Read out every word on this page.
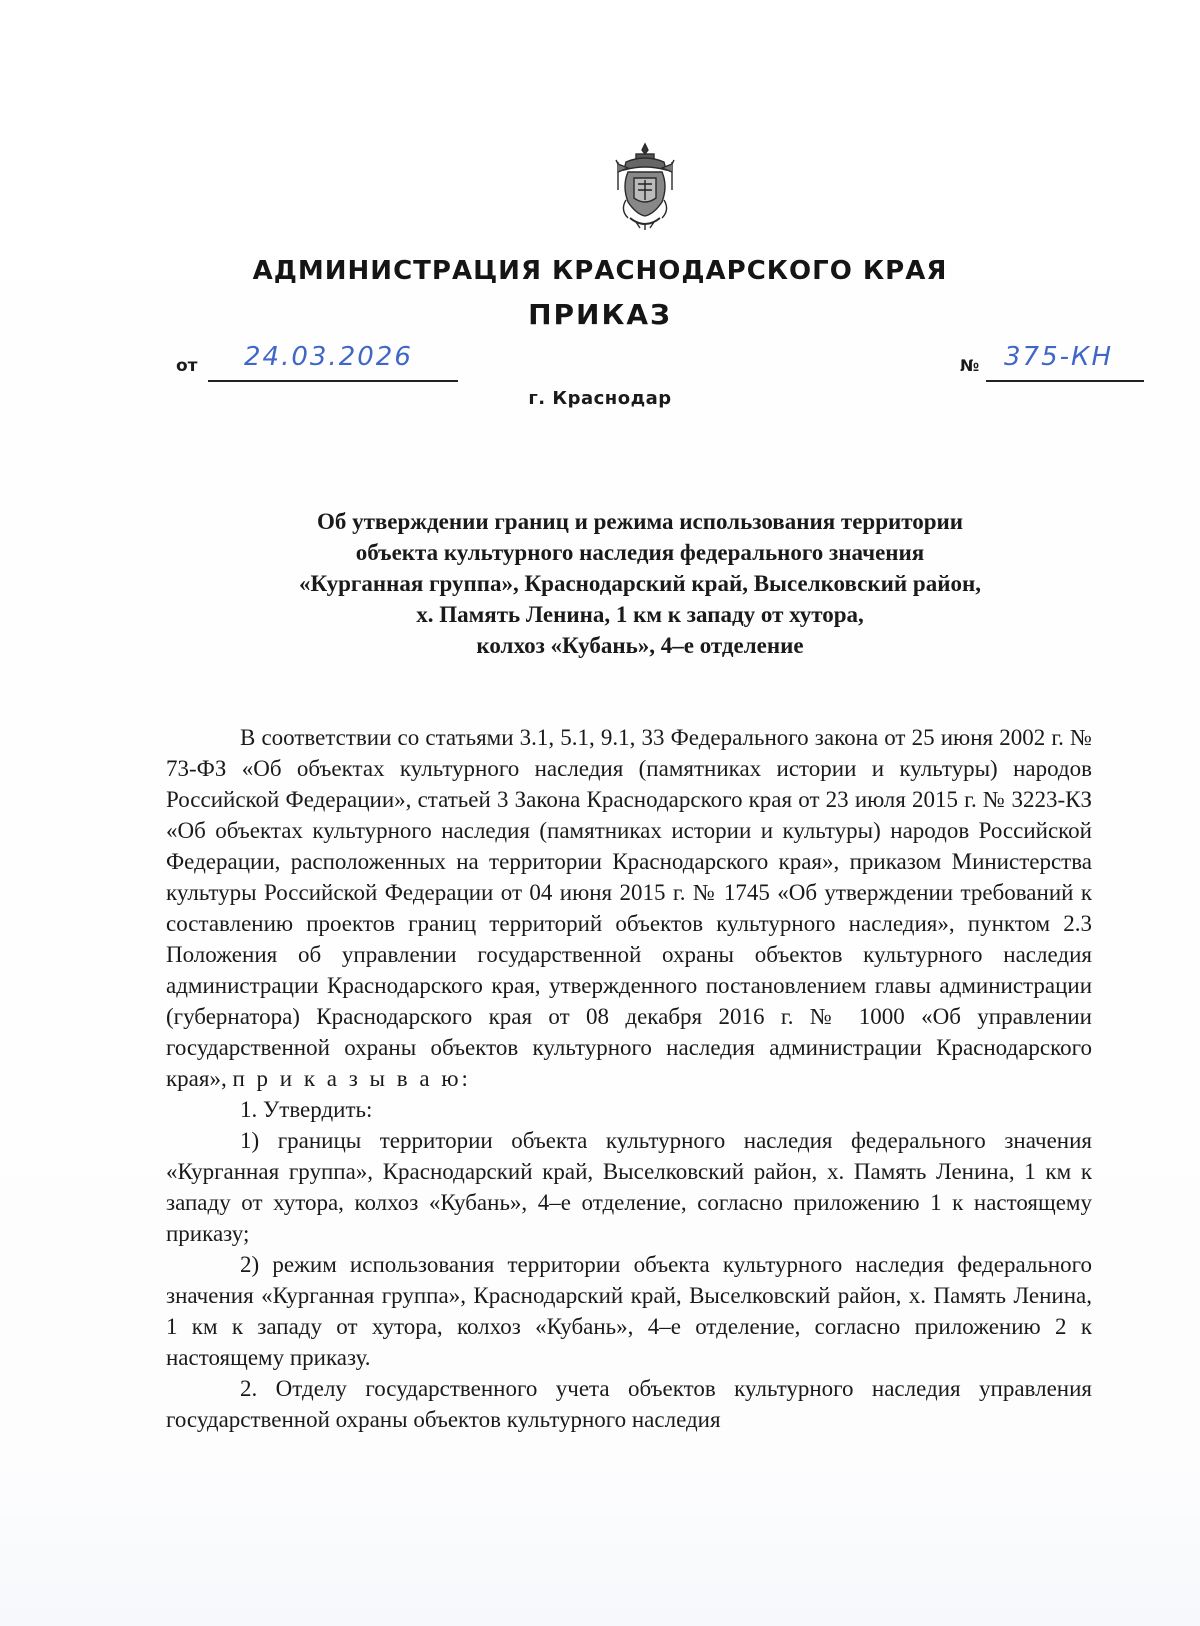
АДМИНИСТРАЦИЯ КРАСНОДАРСКОГО КРАЯ
ПРИКАЗ
от 24.03.2026	№ 375-КН
г. Краснодар
Об утверждении границ и режима использования территории
объекта культурного наследия федерального значения
«Курганная группа», Краснодарский край, Выселковский район,
х. Память Ленина, 1 км к западу от хутора,
колхоз «Кубань», 4–е отделение
В соответствии со статьями 3.1, 5.1, 9.1, 33 Федерального закона от 25 июня 2002 г. № 73-ФЗ «Об объектах культурного наследия (памятниках истории и культуры) народов Российской Федерации», статьей 3 Закона Краснодарского края от 23 июля 2015 г. № 3223-КЗ «Об объектах культурного наследия (памятниках истории и культуры) народов Российской Федерации, расположенных на территории Краснодарского края», приказом Министерства культуры Российской Федерации от 04 июня 2015 г. № 1745 «Об утверждении требований к составлению проектов границ территорий объектов культурного наследия», пунктом 2.3 Положения об управлении государственной охраны объектов культурного наследия администрации Краснодарского края, утвержденного постановлением главы администрации (губернатора) Краснодарского края от 08 декабря 2016 г. № 1000 «Об управлении государственной охраны объектов культурного наследия администрации Краснодарского края», п р и к а з ы в а ю:
1. Утвердить:
1) границы территории объекта культурного наследия федерального значения «Курганная группа», Краснодарский край, Выселковский район, х. Память Ленина, 1 км к западу от хутора, колхоз «Кубань», 4–е отделение, согласно приложению 1 к настоящему приказу;
2) режим использования территории объекта культурного наследия федерального значения «Курганная группа», Краснодарский край, Выселковский район, х. Память Ленина, 1 км к западу от хутора, колхоз «Кубань», 4–е отделение, согласно приложению 2 к настоящему приказу.
2. Отделу государственного учета объектов культурного наследия управления государственной охраны объектов культурного наследия
